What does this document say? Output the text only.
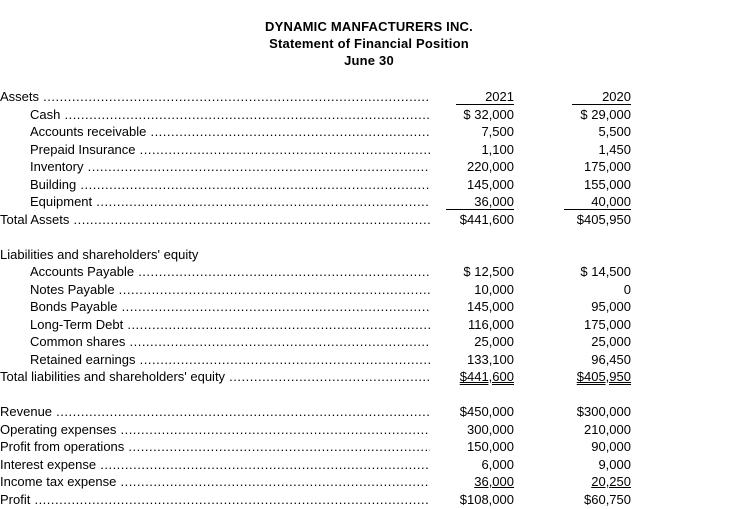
DYNAMIC MANFACTURERS INC.
Statement of Financial Position
June 30
Assets .....	2021	2020
Cash .....	$ 32,000	$ 29,000
Accounts receivable .....	7,500	5,500
Prepaid Insurance .....	1,100	1,450
Inventory .....	220,000	175,000
Building .....	145,000	155,000
Equipment .....	36,000	40,000
Total Assets .....	$441,600	$405,950
Liabilities and shareholders' equity
Accounts Payable .....	$ 12,500	$ 14,500
Notes Payable .....	10,000	0
Bonds Payable .....	145,000	95,000
Long-Term Debt .....	116,000	175,000
Common shares .....	25,000	25,000
Retained earnings .....	133,100	96,450
Total liabilities and shareholders' equity .....	$441,600	$405,950
Revenue .....	$450,000	$300,000
Operating expenses .....	300,000	210,000
Profit from operations .....	150,000	90,000
Interest expense .....	6,000	9,000
Income tax expense .....	36,000	20,250
Profit .....	$108,000	$60,750
